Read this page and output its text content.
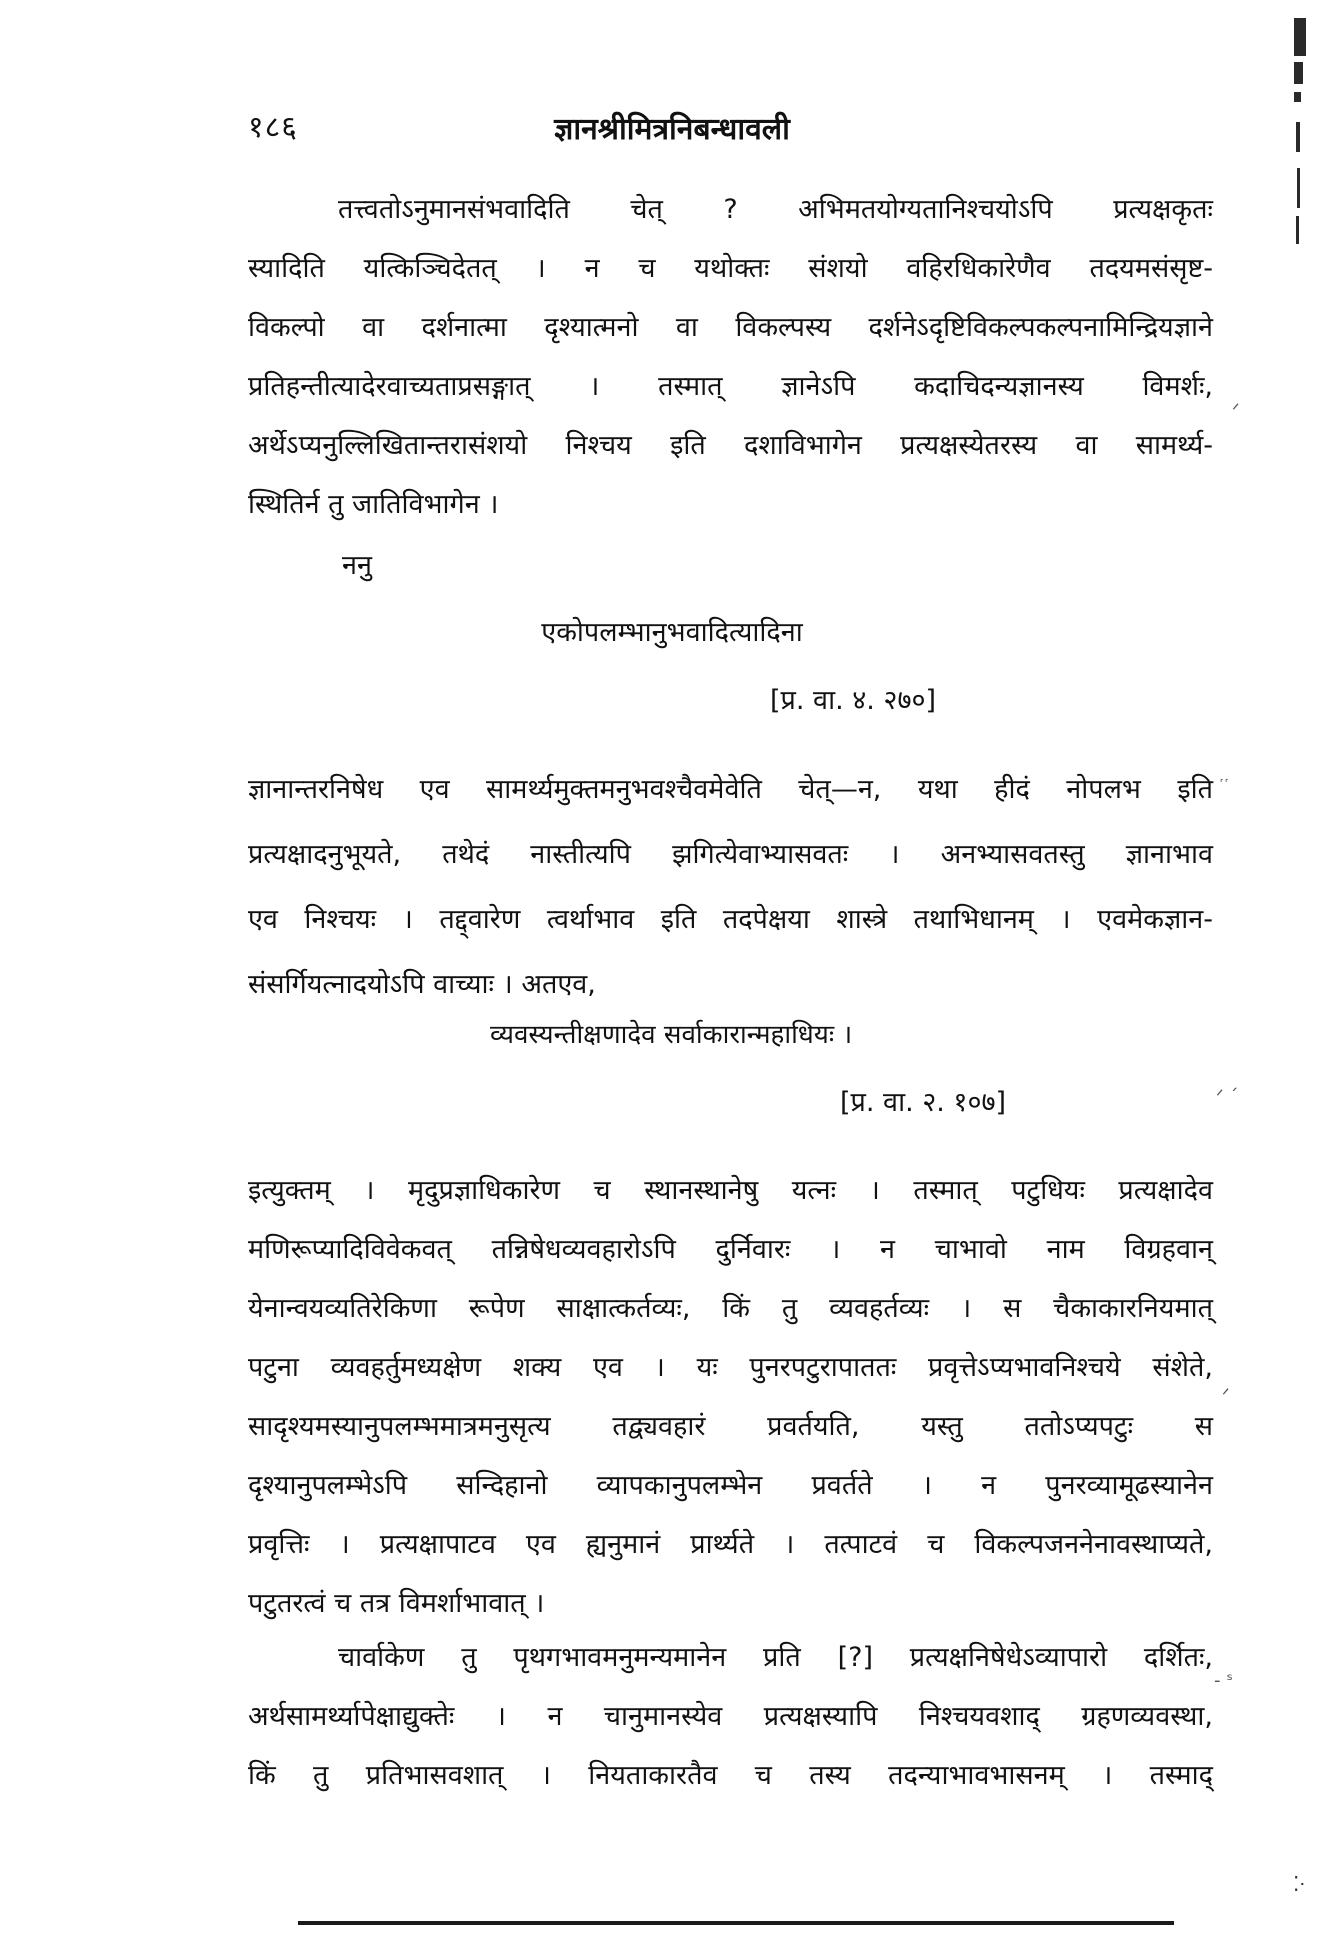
१८६	ज्ञानश्रीमित्रनिबन्धावली
तत्त्वतोऽनुमानसंभवादिति चेत् ? अभिमतयोग्यतानिश्चयोऽपि प्रत्यक्षकृतः
स्यादिति यत्किञ्चिदेतत् । न च यथोक्तः संशयो वहिरधिकारेणैव तदयमसंसृष्ट-
विकल्पो वा दर्शनात्मा दृश्यात्मनो वा विकल्पस्य दर्शनेऽदृष्टिविकल्पकल्पनामिन्द्रियज्ञाने
प्रतिहन्तीत्यादेरवाच्यताप्रसङ्गात् । तस्मात् ज्ञानेऽपि कदाचिदन्यज्ञानस्य विमर्शः,
अर्थेऽप्यनुल्लिखितान्तरासंशयो निश्चय इति दशाविभागेन प्रत्यक्षस्येतरस्य वा सामर्थ्य-
स्थितिर्न तु जातिविभागेन ।
ननु
एकोपलम्भानुभवादित्यादिना
[प्र. वा. ४. २७०]
ज्ञानान्तरनिषेध एव सामर्थ्यमुक्तमनुभवश्चैवमेवेति चेत्—न, यथा हीदं नोपलभ इति
प्रत्यक्षादनुभूयते, तथेदं नास्तीत्यपि झगित्येवाभ्यासवतः । अनभ्यासवतस्तु ज्ञानाभाव
एव निश्चयः । तद्द्वारेण त्वर्थाभाव इति तदपेक्षया शास्त्रे तथाभिधानम् । एवमेकज्ञान-
संसर्गियत्नादयोऽपि वाच्याः । अतएव,
व्यवस्यन्तीक्षणादेव सर्वाकारान्महाधियः ।
[प्र. वा. २. १०७]
इत्युक्तम् । मृदुप्रज्ञाधिकारेण च स्थानस्थानेषु यत्नः । तस्मात् पटुधियः प्रत्यक्षादेव
मणिरूप्यादिविवेकवत् तन्निषेधव्यवहारोऽपि दुर्निवारः । न चाभावो नाम विग्रहवान्
येनान्वयव्यतिरेकिणा रूपेण साक्षात्कर्तव्यः, किं तु व्यवहर्तव्यः । स चैकाकारनियमात्
पटुना व्यवहर्तुमध्यक्षेण शक्य एव । यः पुनरपटुरापाततः प्रवृत्तेऽप्यभावनिश्चये संशेते,
सादृश्यमस्यानुपलम्भमात्रमनुसृत्य तद्व्यवहारं प्रवर्तयति, यस्तु ततोऽप्यपटुः स
दृश्यानुपलम्भेऽपि सन्दिहानो व्यापकानुपलम्भेन प्रवर्तते । न पुनरव्यामूढस्यानेन
प्रवृत्तिः । प्रत्यक्षापाटव एव ह्यनुमानं प्रार्थ्यते । तत्पाटवं च विकल्पजननेनावस्थाप्यते,
पटुतरत्वं च तत्र विमर्शाभावात् ।
चार्वाकेण तु पृथगभावमनुमन्यमानेन प्रति [?] प्रत्यक्षनिषेधेऽव्यापारो दर्शितः,
अर्थसामर्थ्यापेक्षाद्युक्तेः । न चानुमानस्येव प्रत्यक्षस्यापि निश्चयवशाद् ग्रहणव्यवस्था,
किं तु प्रतिभासवशात् । नियताकारतैव च तस्य तदन्याभावभासनम् । तस्माद्
ᐟ
᷊ ᷊
ᐟ ˊ
ᐟ
- ˢ
⁚ᐧ
